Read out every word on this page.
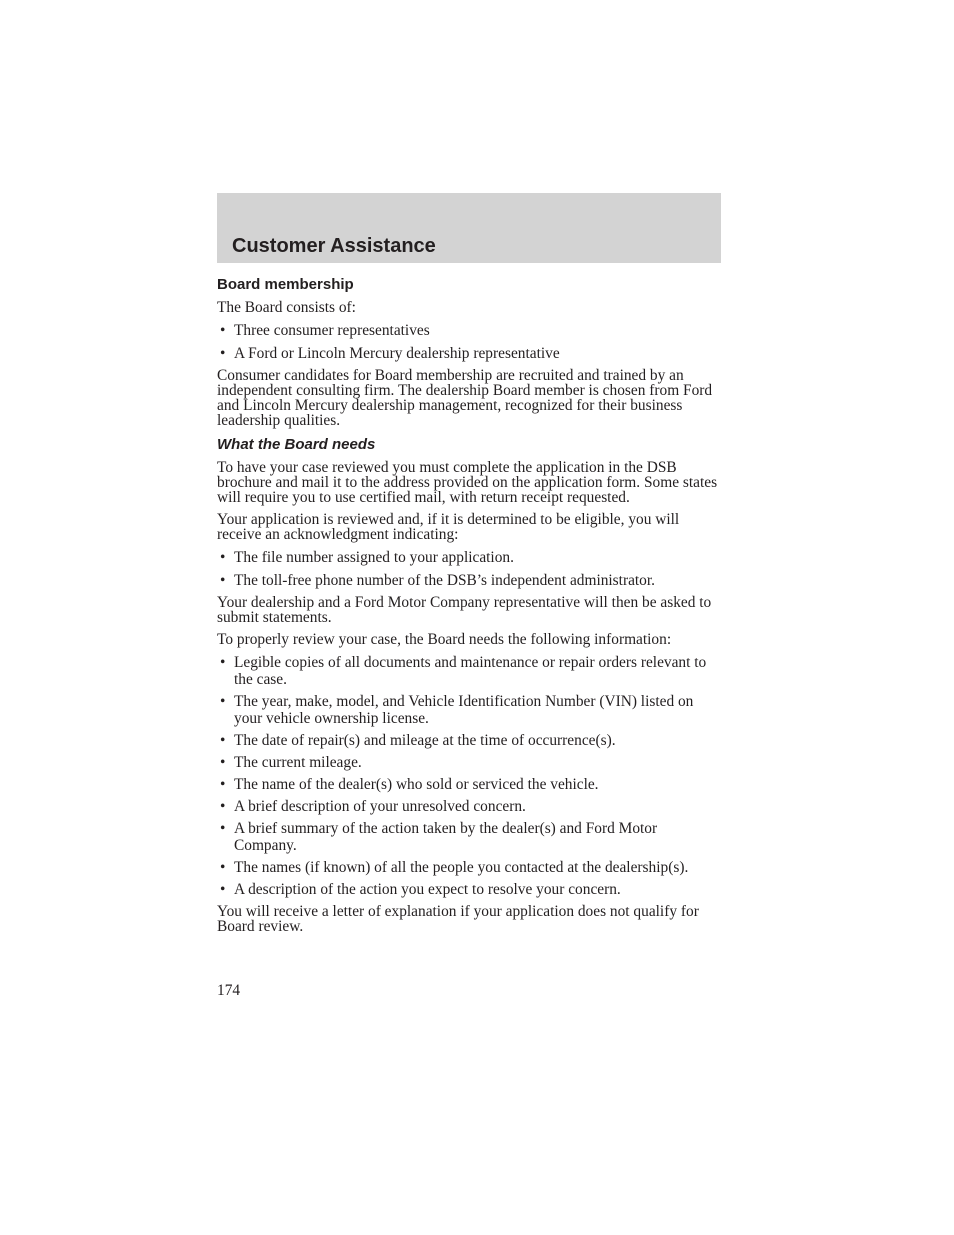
Customer Assistance
Board membership

The Board consists of:

• Three consumer representatives
• A Ford or Lincoln Mercury dealership representative

Consumer candidates for Board membership are recruited and trained by an independent consulting firm. The dealership Board member is chosen from Ford and Lincoln Mercury dealership management, recognized for their business leadership qualities.

What the Board needs

To have your case reviewed you must complete the application in the DSB brochure and mail it to the address provided on the application form. Some states will require you to use certified mail, with return receipt requested.

Your application is reviewed and, if it is determined to be eligible, you will receive an acknowledgment indicating:

• The file number assigned to your application.
• The toll-free phone number of the DSB’s independent administrator.

Your dealership and a Ford Motor Company representative will then be asked to submit statements.

To properly review your case, the Board needs the following information:

• Legible copies of all documents and maintenance or repair orders relevant to the case.
• The year, make, model, and Vehicle Identification Number (VIN) listed on your vehicle ownership license.
• The date of repair(s) and mileage at the time of occurrence(s).
• The current mileage.
• The name of the dealer(s) who sold or serviced the vehicle.
• A brief description of your unresolved concern.
• A brief summary of the action taken by the dealer(s) and Ford Motor Company.
• The names (if known) of all the people you contacted at the dealership(s).
• A description of the action you expect to resolve your concern.

You will receive a letter of explanation if your application does not qualify for Board review.

174
